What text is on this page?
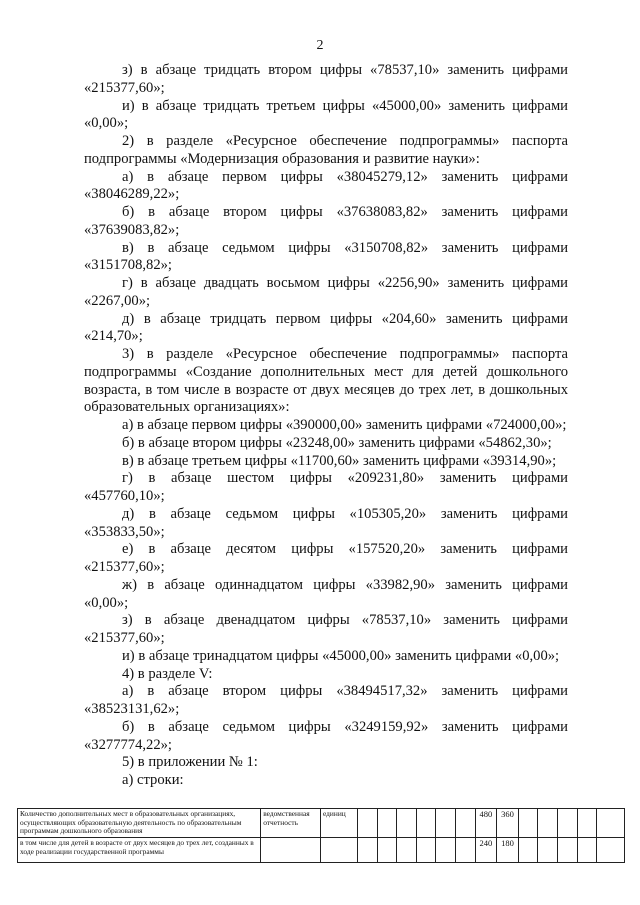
2

з) в абзаце тридцать втором цифры «78537,10» заменить цифрами «215377,60»;

и) в абзаце тридцать третьем цифры «45000,00» заменить цифрами «0,00»;

2) в разделе «Ресурсное обеспечение подпрограммы» паспорта подпрограммы «Модернизация образования и развитие науки»:

а) в абзаце первом цифры «38045279,12» заменить цифрами «38046289,22»;

б) в абзаце втором цифры «37638083,82» заменить цифрами «37639083,82»;

в) в абзаце седьмом цифры «3150708,82» заменить цифрами «3151708,82»;

г) в абзаце двадцать восьмом цифры «2256,90» заменить цифрами «2267,00»;

д) в абзаце тридцать первом цифры «204,60» заменить цифрами «214,70»;

3) в разделе «Ресурсное обеспечение подпрограммы» паспорта подпрограммы «Создание дополнительных мест для детей дошкольного возраста, в том числе в возрасте от двух месяцев до трех лет, в дошкольных образовательных организациях»:

а) в абзаце первом цифры «390000,00» заменить цифрами «724000,00»;

б) в абзаце втором цифры «23248,00» заменить цифрами «54862,30»;

в) в абзаце третьем цифры «11700,60» заменить цифрами «39314,90»;

г) в абзаце шестом цифры «209231,80» заменить цифрами «457760,10»;

д) в абзаце седьмом цифры «105305,20» заменить цифрами «353833,50»;

е) в абзаце десятом цифры «157520,20» заменить цифрами «215377,60»;

ж) в абзаце одиннадцатом цифры «33982,90» заменить цифрами «0,00»;

з) в абзаце двенадцатом цифры «78537,10» заменить цифрами «215377,60»;

и) в абзаце тринадцатом цифры «45000,00» заменить цифрами «0,00»;

4) в разделе V:

а) в абзаце втором цифры «38494517,32» заменить цифрами «38523131,62»;

б) в абзаце седьмом цифры «3249159,92» заменить цифрами «3277774,22»;

5) в приложении № 1:

а) строки:

Количество дополнительных мест в образовательных организациях, осуществляющих образовательную деятельность по образовательным программам дошкольного образования	ведомственная отчетность	единиц							480	360					
в том числе для детей в возрасте от двух месяцев до трех лет, созданных в ходе реализации государственной программы									240	180					
